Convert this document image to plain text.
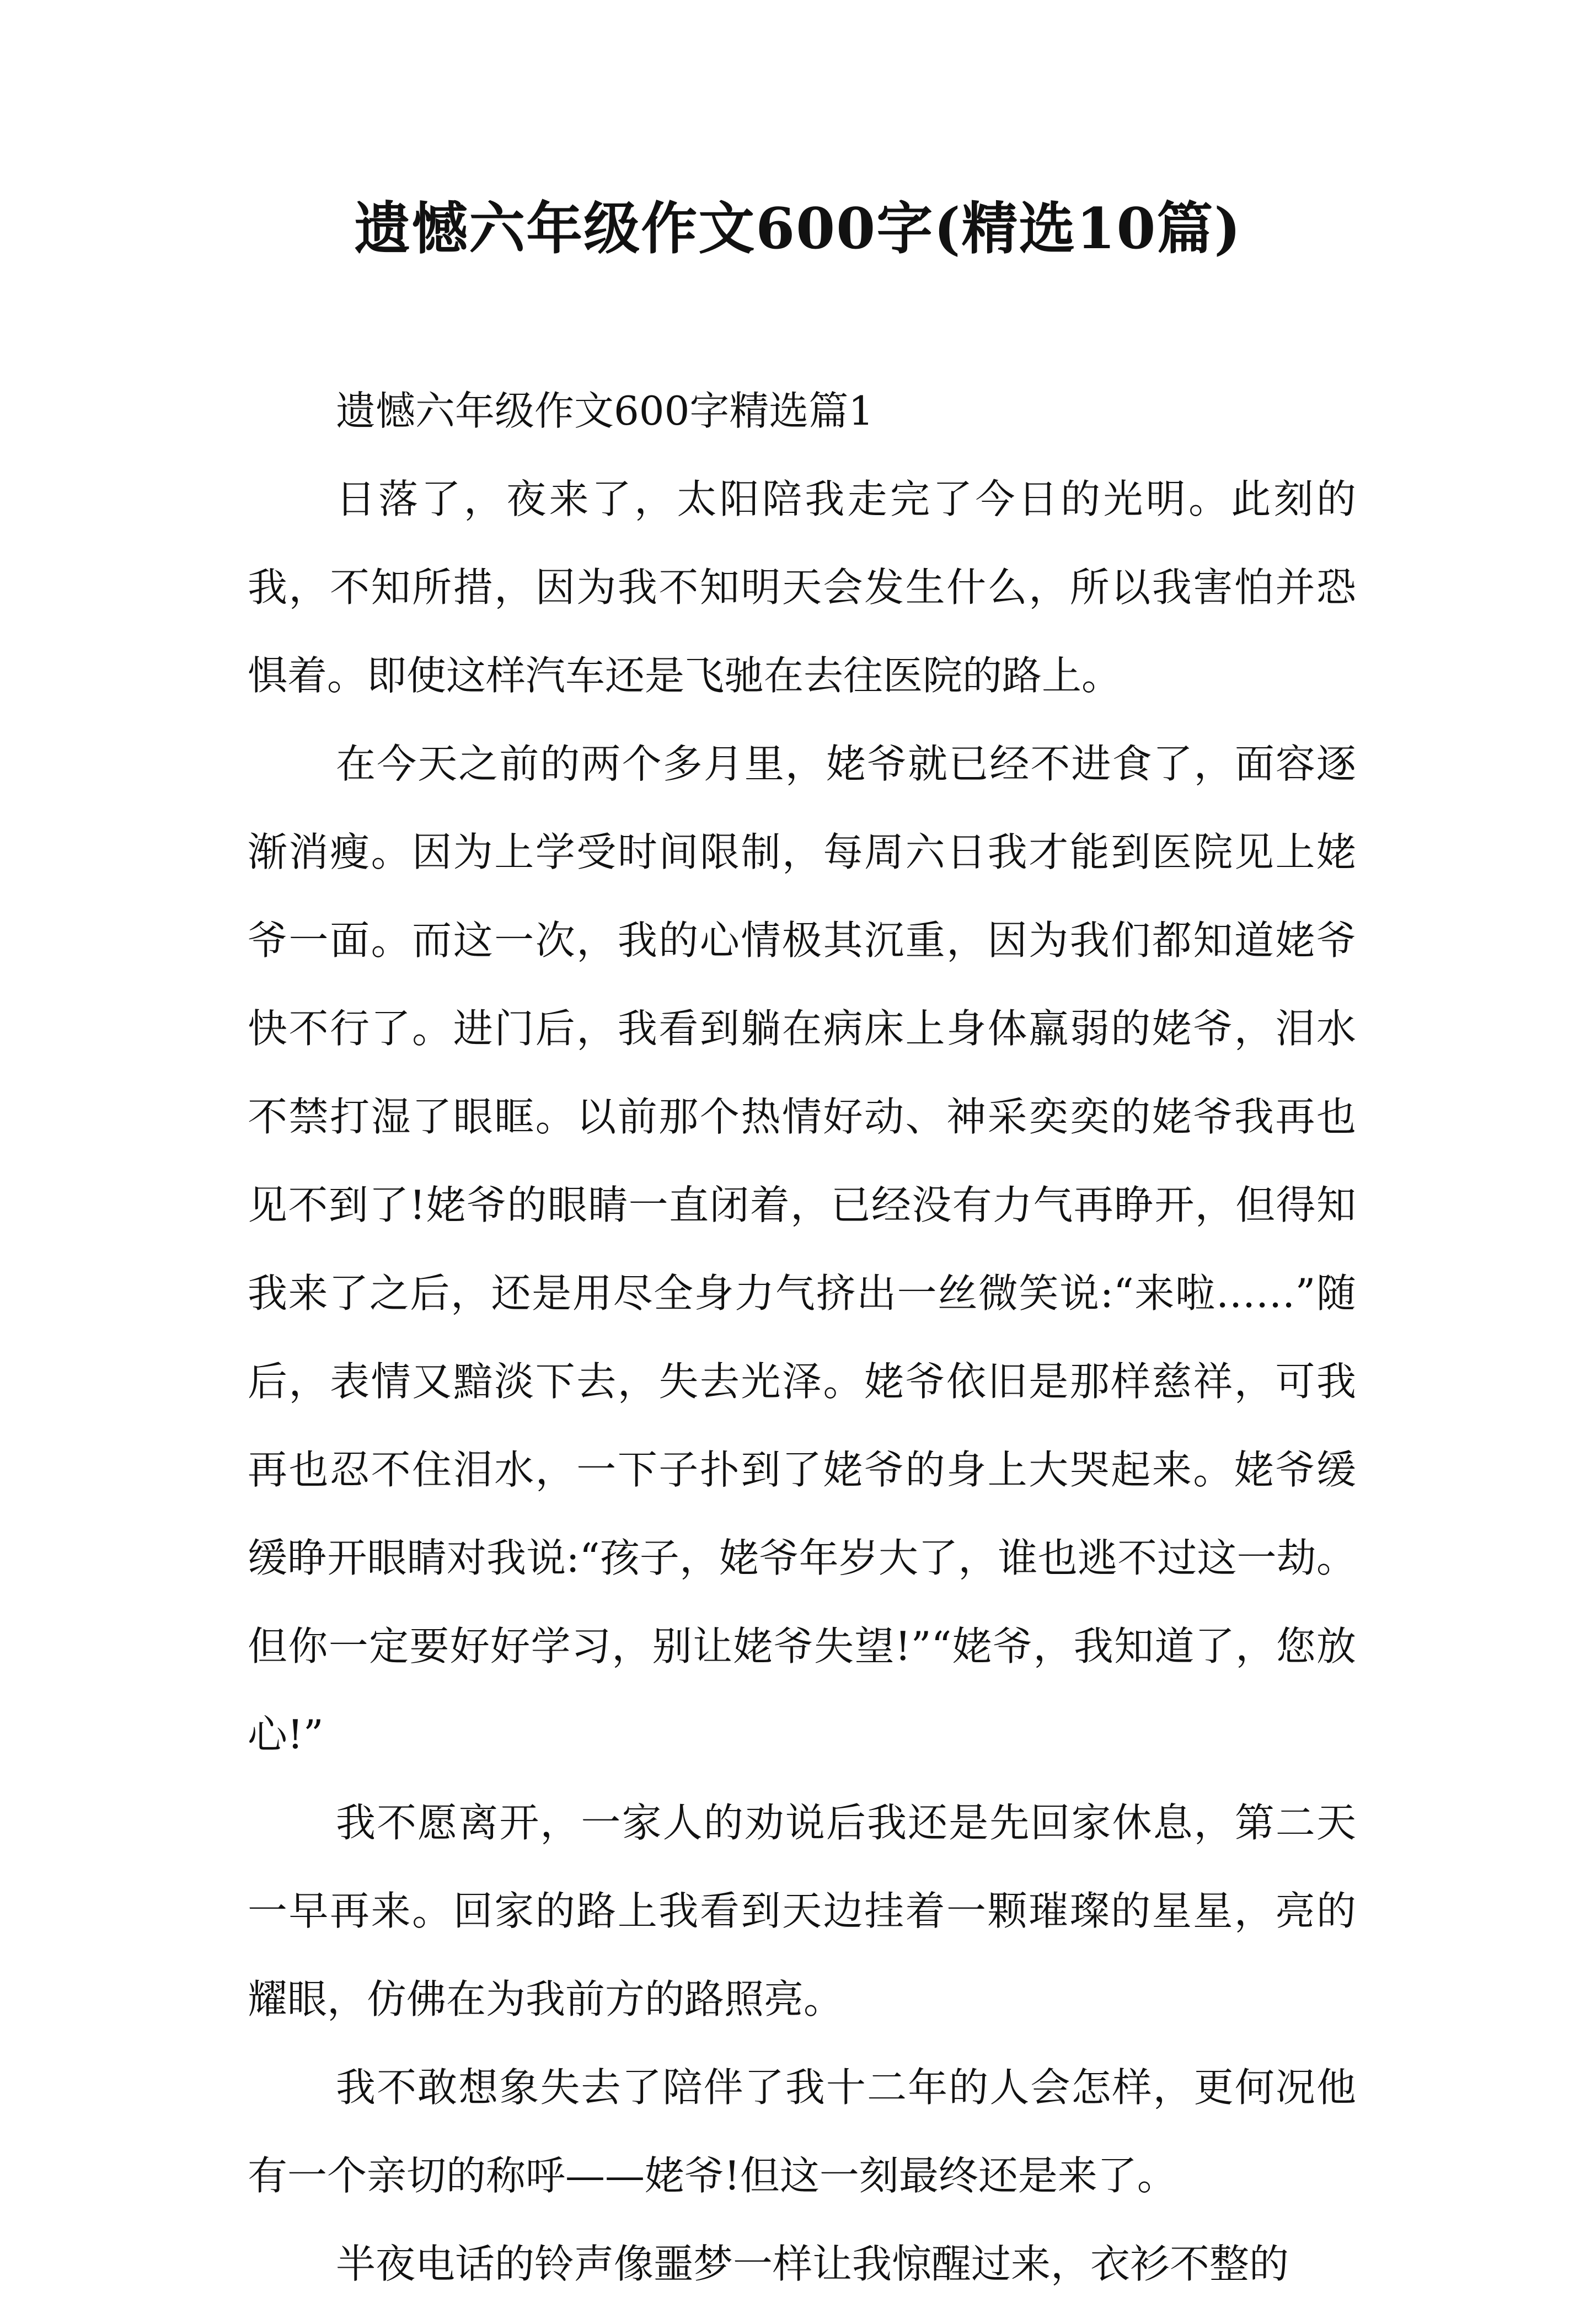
遗憾六年级作文600字(精选10篇)

遗憾六年级作文600字精选篇1

日落了，夜来了，太阳陪我走完了今日的光明。此刻的我，不知所措，因为我不知明天会发生什么，所以我害怕并恐惧着。即使这样汽车还是飞驰在去往医院的路上。

在今天之前的两个多月里，姥爷就已经不进食了，面容逐渐消瘦。因为上学受时间限制，每周六日我才能到医院见上姥爷一面。而这一次，我的心情极其沉重，因为我们都知道姥爷快不行了。进门后，我看到躺在病床上身体羸弱的姥爷，泪水不禁打湿了眼眶。以前那个热情好动、神采奕奕的姥爷我再也见不到了!姥爷的眼睛一直闭着，已经没有力气再睁开，但得知我来了之后，还是用尽全身力气挤出一丝微笑说:“来啦……”随后，表情又黯淡下去，失去光泽。姥爷依旧是那样慈祥，可我再也忍不住泪水，一下子扑到了姥爷的身上大哭起来。姥爷缓缓睁开眼睛对我说:“孩子，姥爷年岁大了，谁也逃不过这一劫。但你一定要好好学习，别让姥爷失望!”“姥爷，我知道了，您放心!”

我不愿离开，一家人的劝说后我还是先回家休息，第二天一早再来。回家的路上我看到天边挂着一颗璀璨的星星，亮的耀眼，仿佛在为我前方的路照亮。

我不敢想象失去了陪伴了我十二年的人会怎样，更何况他有一个亲切的称呼——姥爷!但这一刻最终还是来了。

半夜电话的铃声像噩梦一样让我惊醒过来，衣衫不整的
